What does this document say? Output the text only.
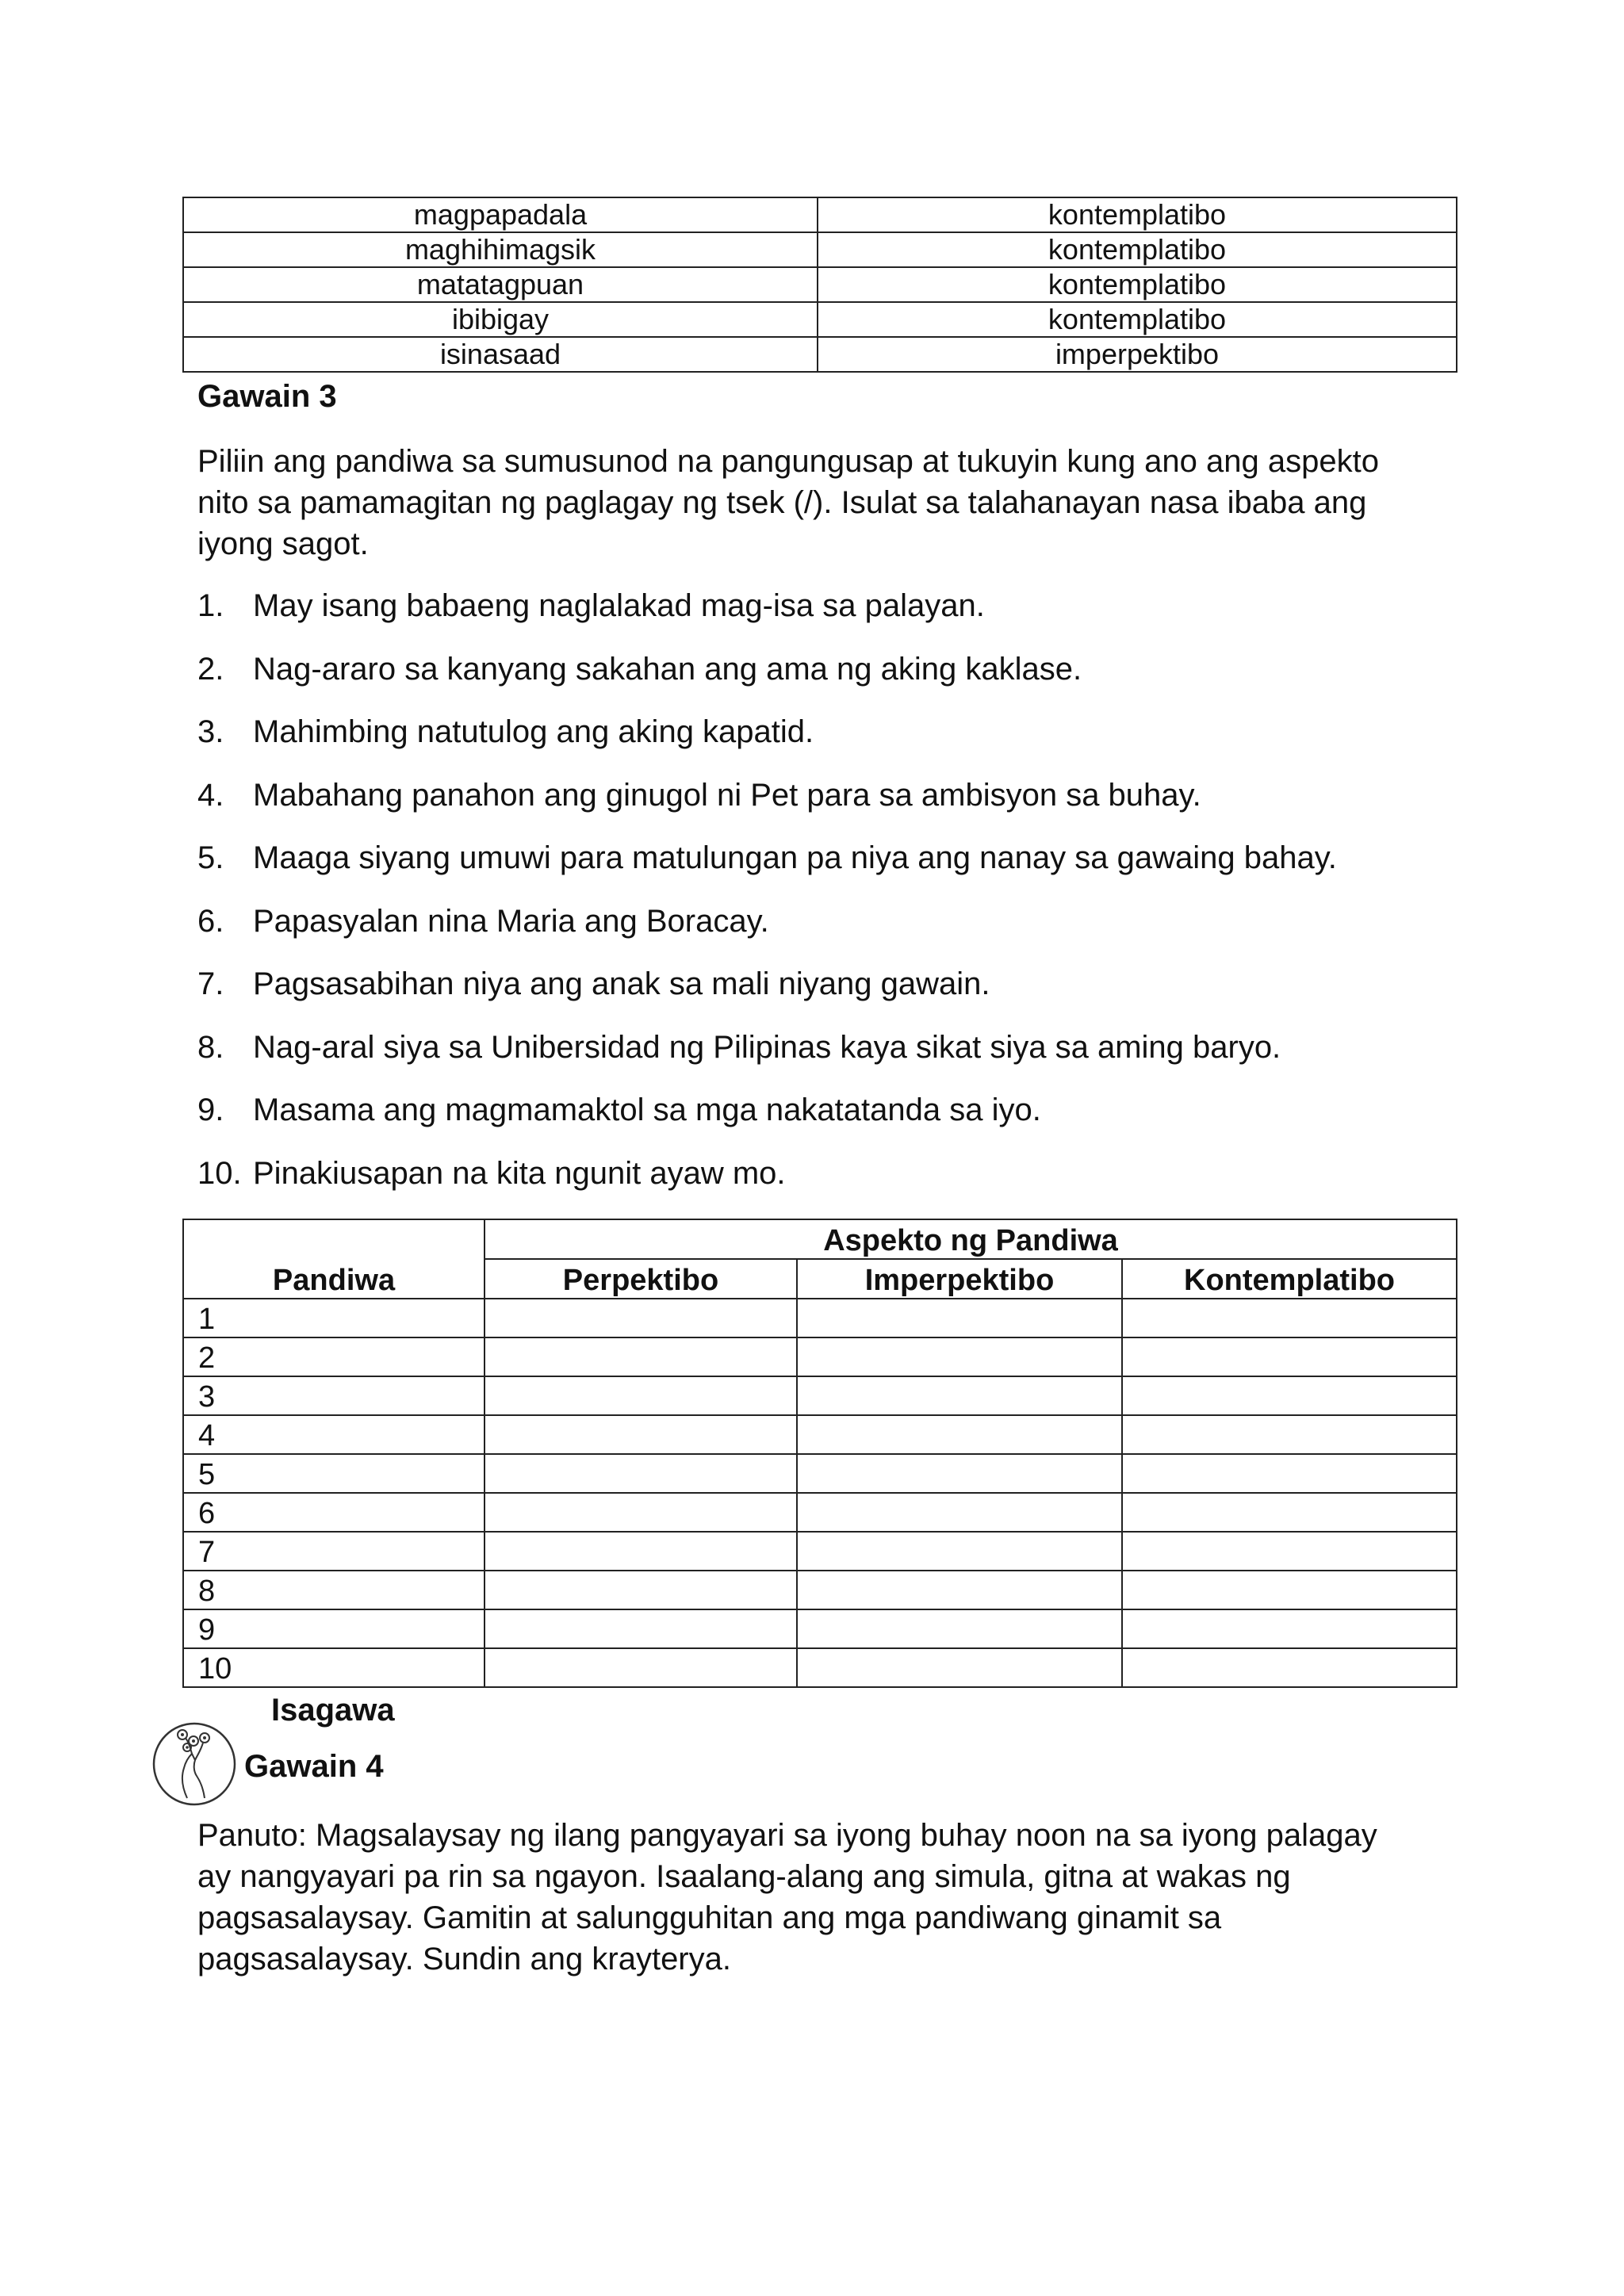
magpapadala	kontemplatibo
maghihimagsik	kontemplatibo
matatagpuan	kontemplatibo
ibibigay	kontemplatibo
isinasaad	imperpektibo
Gawain 3
Piliin ang pandiwa sa sumusunod na pangungusap at tukuyin kung ano ang aspekto
nito sa pamamagitan ng paglagay ng tsek (/). Isulat sa talahanayan nasa ibaba ang
iyong sagot.
1. May isang babaeng naglalakad mag-isa sa palayan.
2. Nag-araro sa kanyang sakahan ang ama ng aking kaklase.
3. Mahimbing natutulog ang aking kapatid.
4. Mabahang panahon ang ginugol ni Pet para sa ambisyon sa buhay.
5. Maaga siyang umuwi para matulungan pa niya ang nanay sa gawaing bahay.
6. Papasyalan nina Maria ang Boracay.
7. Pagsasabihan niya ang anak sa mali niyang gawain.
8. Nag-aral siya sa Unibersidad ng Pilipinas kaya sikat siya sa aming baryo.
9. Masama ang magmamaktol sa mga nakatatanda sa iyo.
10. Pinakiusapan na kita ngunit ayaw mo.
Pandiwa	Aspekto ng Pandiwa		
	Perpektibo	Imperpektibo	Kontemplatibo
1			
2			
3			
4			
5			
6			
7			
8			
9			
10			
Isagawa
Gawain 4
Panuto: Magsalaysay ng ilang pangyayari sa iyong buhay noon na sa iyong palagay
ay nangyayari pa rin sa ngayon. Isaalang-alang ang simula, gitna at wakas ng
pagsasalaysay. Gamitin at salungguhitan ang mga pandiwang ginamit sa
pagsasalaysay. Sundin ang krayterya.
